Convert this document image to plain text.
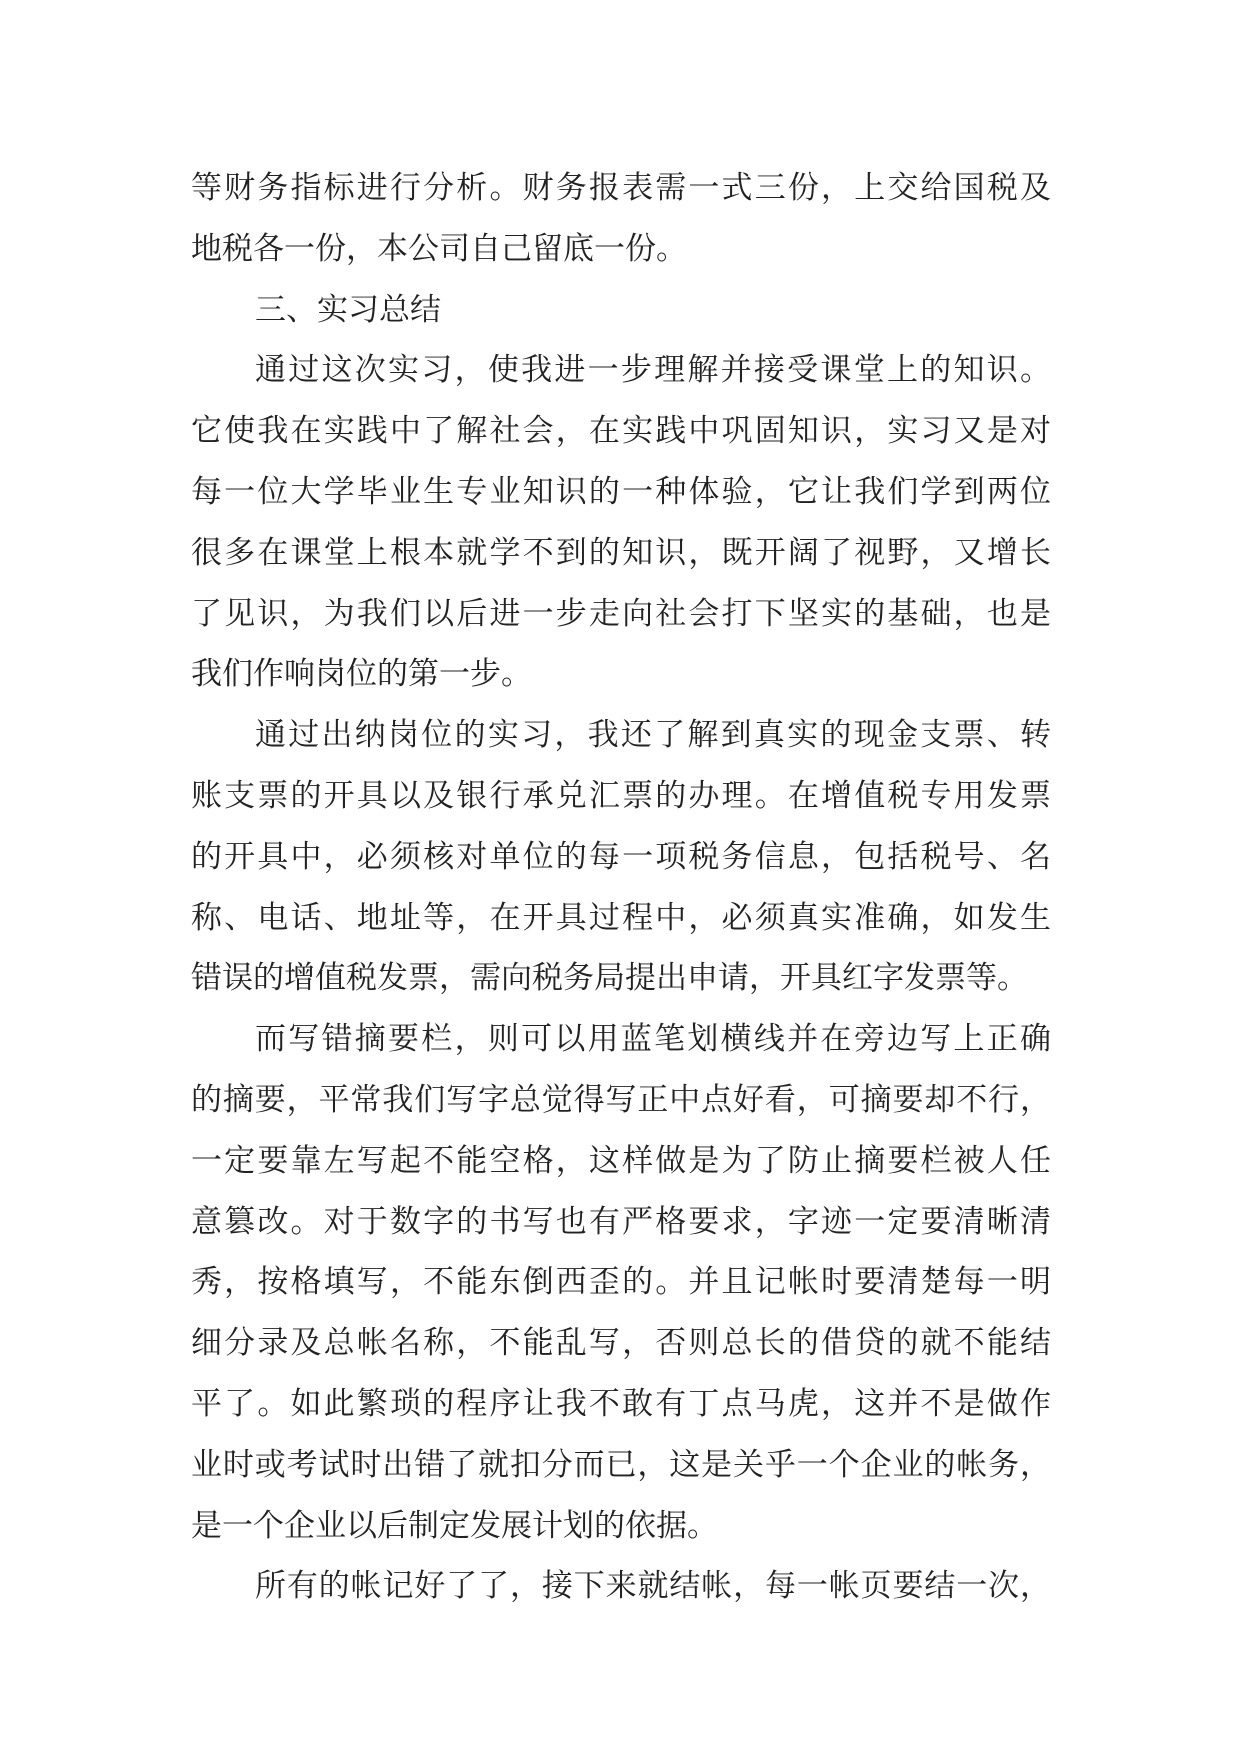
等财务指标进行分析。财务报表需一式三份，上交给国税及
地税各一份，本公司自己留底一份。
三、实习总结
通过这次实习，使我进一步理解并接受课堂上的知识。
它使我在实践中了解社会，在实践中巩固知识，实习又是对
每一位大学毕业生专业知识的一种体验，它让我们学到两位
很多在课堂上根本就学不到的知识，既开阔了视野，又增长
了见识，为我们以后进一步走向社会打下坚实的基础，也是
我们作响岗位的第一步。
通过出纳岗位的实习，我还了解到真实的现金支票、转
账支票的开具以及银行承兑汇票的办理。在增值税专用发票
的开具中，必须核对单位的每一项税务信息，包括税号、名
称、电话、地址等，在开具过程中，必须真实准确，如发生
错误的增值税发票，需向税务局提出申请，开具红字发票等。
而写错摘要栏，则可以用蓝笔划横线并在旁边写上正确
的摘要，平常我们写字总觉得写正中点好看，可摘要却不行，
一定要靠左写起不能空格，这样做是为了防止摘要栏被人任
意篡改。对于数字的书写也有严格要求，字迹一定要清晰清
秀，按格填写，不能东倒西歪的。并且记帐时要清楚每一明
细分录及总帐名称，不能乱写，否则总长的借贷的就不能结
平了。如此繁琐的程序让我不敢有丁点马虎，这并不是做作
业时或考试时出错了就扣分而已，这是关乎一个企业的帐务，
是一个企业以后制定发展计划的依据。
所有的帐记好了了，接下来就结帐，每一帐页要结一次，
